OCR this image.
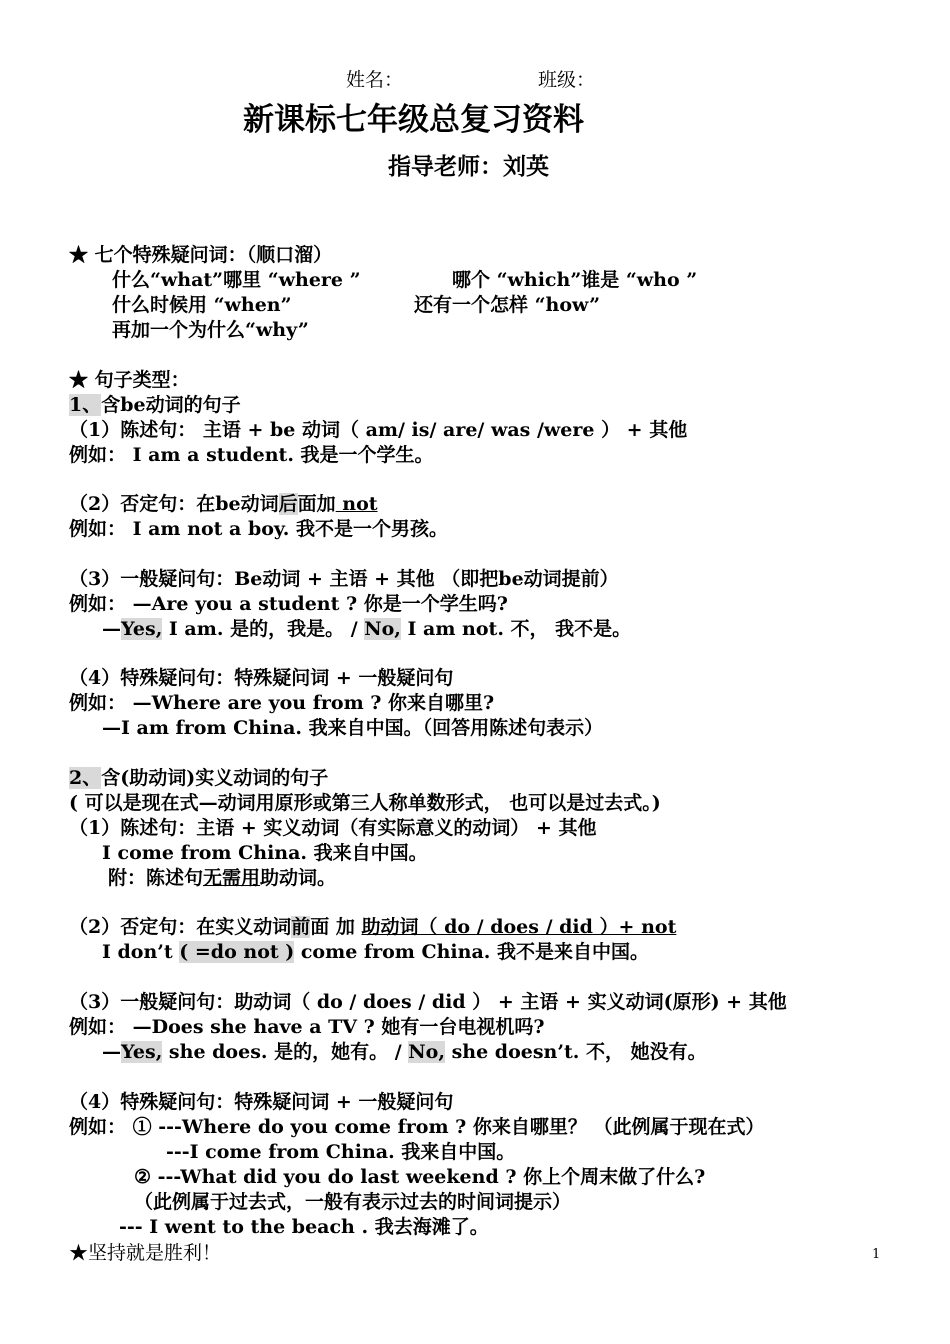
姓名：	班级：
新课标七年级总复习资料
指导老师：刘英
★ 七个特殊疑问词：（顺口溜）
什么“what”哪里 “where ”	哪个 “which”谁是 “who ”
什么时候用 “when”	还有一个怎样 “how”
再加一个为什么“why”
★ 句子类型：
1、含be动词的句子
（1）陈述句： 主语 + be 动词（ am/ is/ are/ was /were ） + 其他
例如： I am a student. 我是一个学生。
（2）否定句：在be动词后面加 not
例如： I am not a boy. 我不是一个男孩。
（3）一般疑问句：Be动词 + 主语 + 其他 （即把be动词提前）
例如： —Are you a student ? 你是一个学生吗?
—Yes, I am. 是的，我是。 / No, I am not. 不， 我不是。
（4）特殊疑问句：特殊疑问词 + 一般疑问句
例如： —Where are you from ? 你来自哪里?
—I am from China. 我来自中国。（回答用陈述句表示）
2、含(助动词)实义动词的句子
( 可以是现在式—动词用原形或第三人称单数形式， 也可以是过去式。)
（1）陈述句：主语 + 实义动词（有实际意义的动词） + 其他
I come from China. 我来自中国。
附：陈述句无需用助动词。
（2）否定句：在实义动词前面 加 助动词（ do / does / did ）+ not
I don’t ( =do not ) come from China. 我不是来自中国。
（3）一般疑问句：助动词（ do / does / did ） + 主语 + 实义动词(原形) + 其他
例如： —Does she have a TV ? 她有一台电视机吗?
—Yes, she does. 是的，她有。 / No, she doesn’t. 不， 她没有。
（4）特殊疑问句：特殊疑问词 + 一般疑问句
例如： ① ---Where do you come from ? 你来自哪里？ （此例属于现在式）
---I come from China. 我来自中国。
② ---What did you do last weekend ? 你上个周末做了什么?
（此例属于过去式，一般有表示过去的时间词提示）
--- I went to the beach . 我去海滩了。
★坚持就是胜利！	1
